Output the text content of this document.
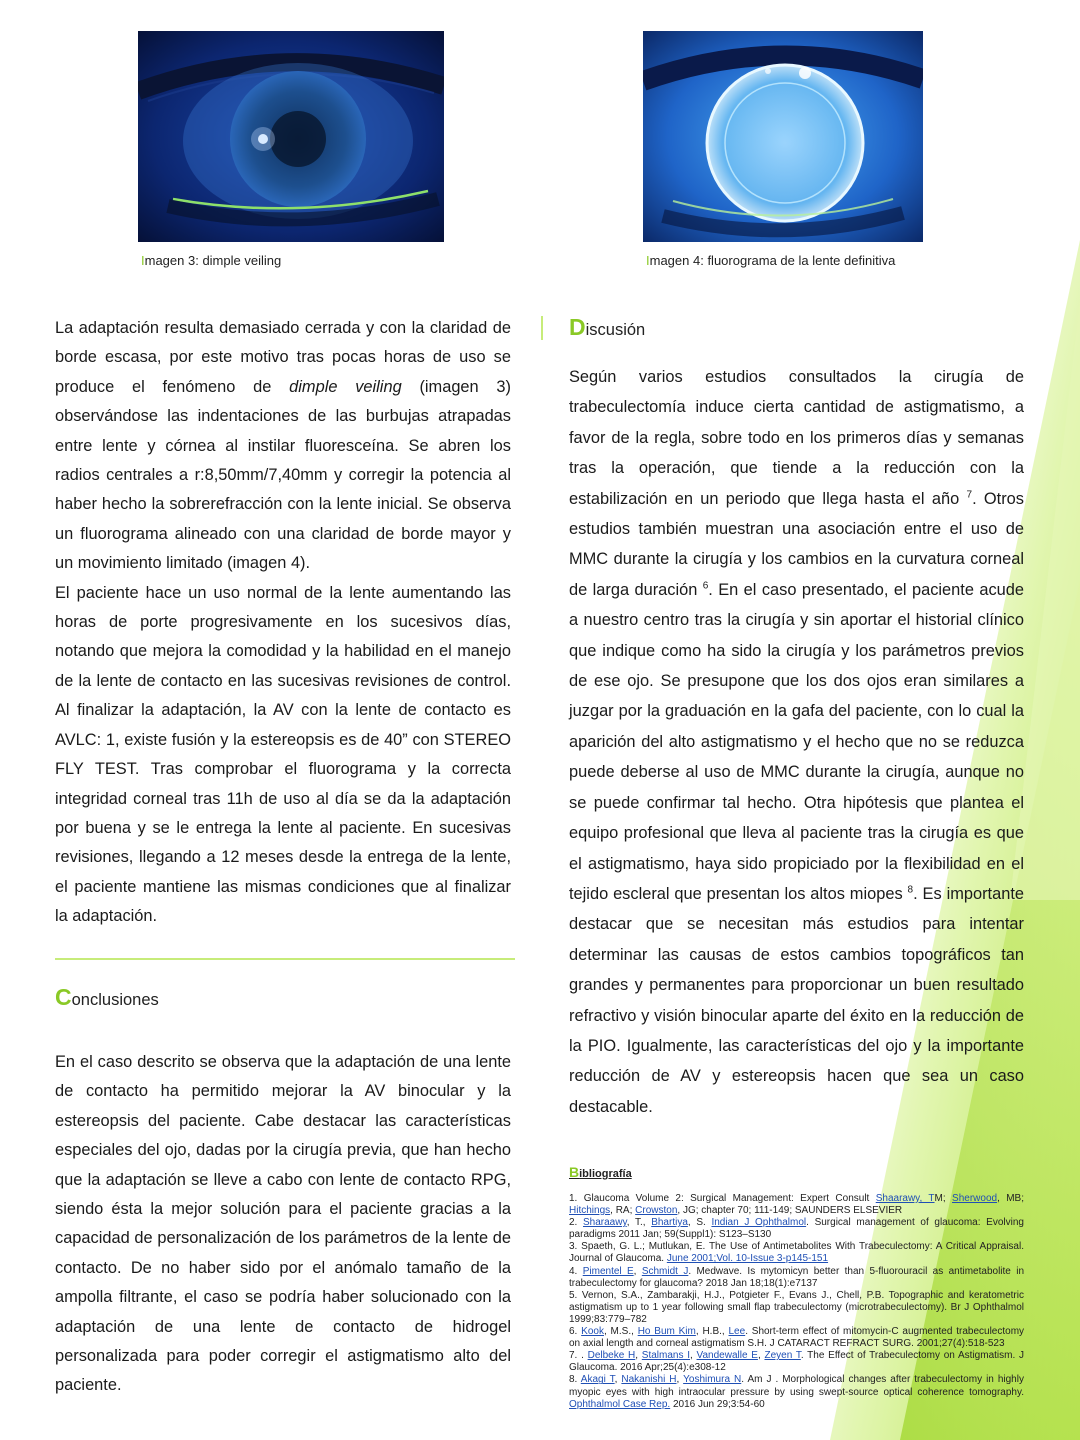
Imagen 3: dimple veiling	Imagen 4: fluorograma de la lente definitiva

La adaptación resulta demasiado cerrada y con la claridad de borde escasa, por este motivo tras pocas horas de uso se produce el fenómeno de dimple veiling (imagen 3) observándose las indentaciones de las burbujas atrapadas entre lente y córnea al instilar fluoresceína. Se abren los radios centrales a r:8,50mm/7,40mm y corregir la potencia al haber hecho la sobrerefracción con la lente inicial. Se observa un fluorograma alineado con una claridad de borde mayor y un movimiento limitado (imagen 4).

El paciente hace un uso normal de la lente aumentando las horas de porte progresivamente en los sucesivos días, notando que mejora la comodidad y la habilidad en el manejo de la lente de contacto en las sucesivas revisiones de control. Al finalizar la adaptación, la AV con la lente de contacto es AVLC: 1, existe fusión y la estereopsis es de 40” con STEREO FLY TEST. Tras comprobar el fluorograma y la correcta integridad corneal tras 11h de uso al día se da la adaptación por buena y se le entrega la lente al paciente. En sucesivas revisiones, llegando a 12 meses desde la entrega de la lente, el paciente mantiene las mismas condiciones que al finalizar la adaptación.

Conclusiones

En el caso descrito se observa que la adaptación de una lente de contacto ha permitido mejorar la AV binocular y la estereopsis del paciente. Cabe destacar las características especiales del ojo, dadas por la cirugía previa, que han hecho que la adaptación se lleve a cabo con lente de contacto RPG, siendo ésta la mejor solución para el paciente gracias a la capacidad de personalización de los parámetros de la lente de contacto. De no haber sido por el anómalo tamaño de la ampolla filtrante, el caso se podría haber solucionado con la adaptación de una lente de contacto de hidrogel personalizada para poder corregir el astigmatismo alto del paciente.

Discusión

Según varios estudios consultados la cirugía de trabeculectomía induce cierta cantidad de astigmatismo, a favor de la regla, sobre todo en los primeros días y semanas tras la operación, que tiende a la reducción con la estabilización en un periodo que llega hasta el año $^7$. Otros estudios también muestran una asociación entre el uso de MMC durante la cirugía y los cambios en la curvatura corneal de larga duración $^6$. En el caso presentado, el paciente acude a nuestro centro tras la cirugía y sin aportar el historial clínico que indique como ha sido la cirugía y los parámetros previos de ese ojo. Se presupone que los dos ojos eran similares a juzgar por la graduación en la gafa del paciente, con lo cual la aparición del alto astigmatismo y el hecho que no se reduzca puede deberse al uso de MMC durante la cirugía, aunque no se puede confirmar tal hecho. Otra hipótesis que plantea el equipo profesional que lleva al paciente tras la cirugía es que el astigmatismo, haya sido propiciado por la flexibilidad en el tejido escleral que presentan los altos miopes $^8$. Es importante destacar que se necesitan más estudios para intentar determinar las causas de estos cambios topográficos tan grandes y permanentes para proporcionar un buen resultado refractivo y visión binocular aparte del éxito en la reducción de la PIO. Igualmente, las características del ojo y la importante reducción de AV y estereopsis hacen que sea un caso destacable.

Bibliografía

1. Glaucoma Volume 2: Surgical Management: Expert Consult Shaarawy, TM; Sherwood, MB; Hitchings, RA; Crowston, JG; chapter 70; 111-149; SAUNDERS ELSEVIER

2. Sharaawy, T., Bhartiya, S. Indian J Ophthalmol. Surgical management of glaucoma: Evolving paradigms 2011 Jan; 59(Suppl1): S123–S130

3. Spaeth, G. L.; Mutlukan, E. The Use of Antimetabolites With Trabeculectomy: A Critical Appraisal. Journal of Glaucoma. June 2001;Vol. 10-Issue 3-p145-151

4. Pimentel E, Schmidt J. Medwave. Is mytomicyn better than 5-fluorouracil as antimetabolite in trabeculectomy for glaucoma? 2018 Jan 18;18(1):e7137

5. Vernon, S.A., Zambarakji, H.J., Potgieter F., Evans J., Chell, P.B. Topographic and keratometric astigmatism up to 1 year following small flap trabeculectomy (microtrabeculectomy). Br J Ophthalmol 1999;83:779–782

6. Kook, M.S., Ho Bum Kim, H.B., Lee. Short-term effect of mitomycin-C augmented trabeculectomy on axial length and corneal astigmatism S.H. J CATARACT REFRACT SURG. 2001;27(4):518-523

7. . Delbeke H, Stalmans I, Vandewalle E, Zeyen T. The Effect of Trabeculectomy on Astigmatism. J Glaucoma. 2016 Apr;25(4):e308-12

8. Akagi T, Nakanishi H, Yoshimura N. Am J . Morphological changes after trabeculectomy in highly myopic eyes with high intraocular pressure by using swept-source optical coherence tomography. Ophthalmol Case Rep. 2016 Jun 29;3:54-60
